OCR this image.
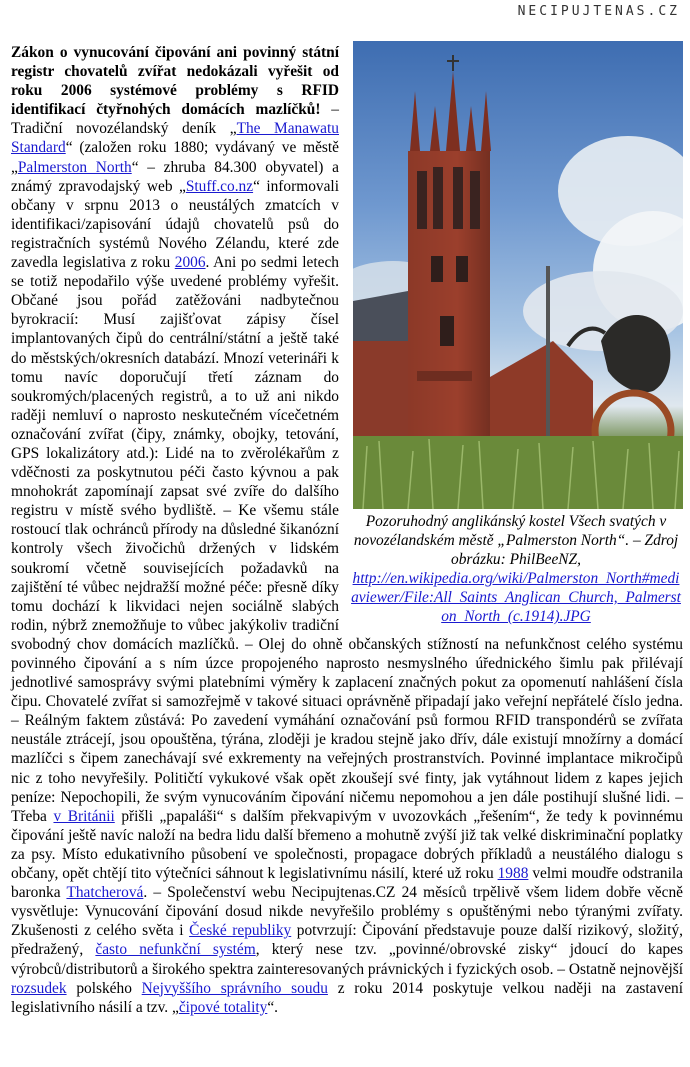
NECIPUJTENAS.CZ
Pozoruhodný anglikánský kostel Všech svatých v novozélandském městě „Palmerston North“. – Zdroj obrázku: PhilBeeNZ,
http://en.wikipedia.org/wiki/Palmerston_North#mediaviewer/File:All_Saints_Anglican_Church,_Palmerston_North_(c.1914).JPG

Zákon o vynucování čipování ani povinný státní registr chovatelů zvířat nedokázali vyřešit od roku 2006 systémové problémy s RFID identifikací čtyřnohých domácích mazlíčků! – Tradiční novozélandský deník „The Manawatu Standard“ (založen roku 1880; vydávaný ve městě „Palmerston North“ – zhruba 84.300 obyvatel) a známý zpravodajský web „Stuff.co.nz“ informovali občany v srpnu 2013 o neustálých zmatcích v identifikaci/zapisování údajů chovatelů psů do registračních systémů Nového Zélandu, které zde zavedla legislativa z roku 2006. Ani po sedmi letech se totiž nepodařilo výše uvedené problémy vyřešit. Občané jsou pořád zatěžováni nadbytečnou byrokracií: Musí zajišťovat zápisy čísel implantovaných čipů do centrální/státní a ještě také do městských/okresních databází. Mnozí veterináři k tomu navíc doporučují třetí záznam do soukromých/placených registrů, a to už ani nikdo raději nemluví o naprosto neskutečném vícečetném označování zvířat (čipy, známky, obojky, tetování, GPS lokalizátory atd.): Lidé na to zvěrolékařům z vděčnosti za poskytnutou péči často kývnou a pak mnohokrát zapomínají zapsat své zvíře do dalšího registru v místě svého bydliště. – Ke všemu stále rostoucí tlak ochránců přírody na důsledné šikanózní kontroly všech živočichů držených v lidském soukromí včetně souvisejících požadavků na zajištění té vůbec nejdražší možné péče: přesně díky tomu dochází k likvidaci nejen sociálně slabých rodin, nýbrž znemožňuje to vůbec jakýkoliv tradiční svobodný chov domácích mazlíčků. – Olej do ohně občanských stížností na nefunkčnost celého systému povinného čipování a s ním úzce propojeného naprosto nesmyslného úřednického šimlu pak přilévají jednotlivé samosprávy svými platebními výměry k zaplacení značných pokut za opomenutí nahlášení čísla čipu. Chovatelé zvířat si samozřejmě v takové situaci oprávněně připadají jako veřejní nepřátelé číslo jedna. – Reálným faktem zůstává: Po zavedení vymáhání označování psů formou RFID transpondérů se zvířata neustále ztrácejí, jsou opouštěna, týrána, zloději je kradou stejně jako dřív, dále existují množírny a domácí mazlíčci s čipem zanechávají své exkrementy na veřejných prostranstvích. Povinné implantace mikročipů nic z toho nevyřešily. Političtí vykukové však opět zkoušejí své finty, jak vytáhnout lidem z kapes jejich peníze: Nepochopili, že svým vynucováním čipování ničemu nepomohou a jen dále postihují slušné lidi. – Třeba v Británii přišli „papaláši“ s dalším překvapivým v uvozovkách „řešením“, že tedy k povinnému čipování ještě navíc naloží na bedra lidu další břemeno a mohutně zvýší již tak velké diskriminační poplatky za psy. Místo edukativního působení ve společnosti, propagace dobrých příkladů a neustálého dialogu s občany, opět chtějí tito výtečníci sáhnout k legislativnímu násilí, které už roku 1988 velmi moudře odstranila baronka Thatcherová. – Společenství webu Necipujtenas.CZ 24 měsíců trpělivě všem lidem dobře věcně vysvětluje: Vynucování čipování dosud nikde nevyřešilo problémy s opuštěnými nebo týranými zvířaty. Zkušenosti z celého světa i České republiky potvrzují: Čipování představuje pouze další rizikový, složitý, předražený, často nefunkční systém, který nese tzv. „povinné/obrovské zisky“ jdoucí do kapes výrobců/distributorů a širokého spektra zainteresovaných právnických i fyzických osob. – Ostatně nejnovější rozsudek polského Nejvyššího správního soudu z roku 2014 poskytuje velkou naději na zastavení legislativního násilí a tzv. „čipové totality“.
